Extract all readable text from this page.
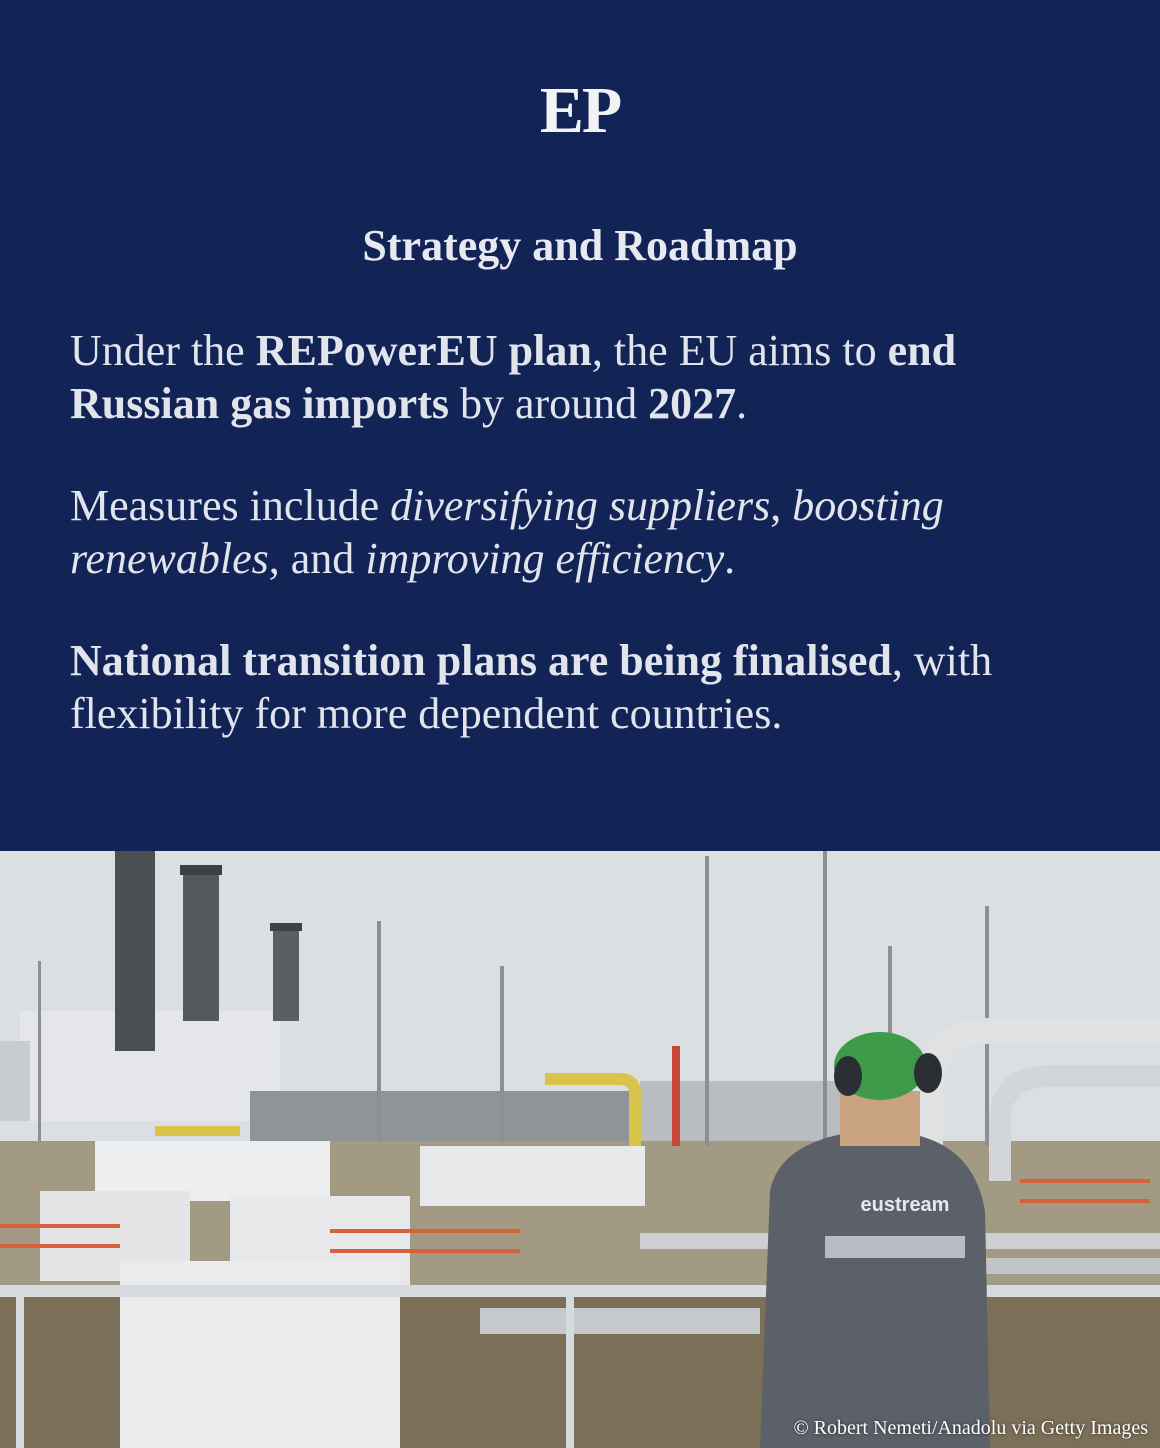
EP
Strategy and Roadmap
Under the REPowerEU plan, the EU aims to end Russian gas imports by around 2027.
Measures include diversifying suppliers, boosting renewables, and improving efficiency.
National transition plans are being finalised, with flexibility for more dependent countries.
eustream
© Robert Nemeti/Anadolu via Getty Images
